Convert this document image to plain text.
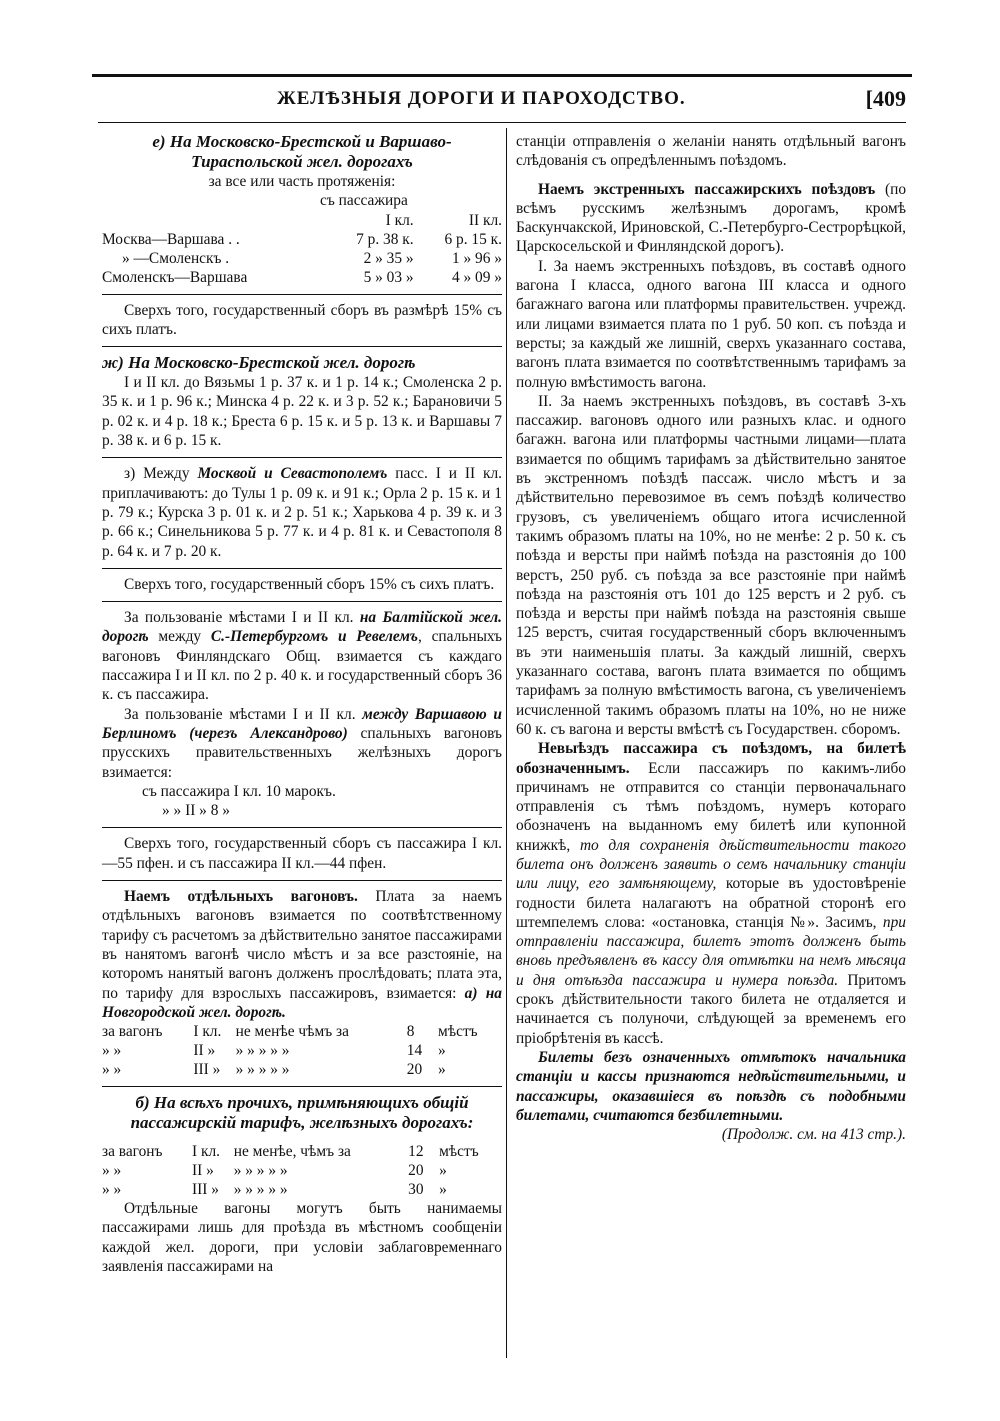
ЖЕЛѢЗНЫЯ ДОРОГИ И ПАРОХОДСТВО.	[409

е) На Московско-Брестской и Варшаво-Тираспольской жел. дорогахъ

за все или часть протяженія:

съ пассажира

	I кл.	II кл.
Москва—Варшава . .	7 р. 38 к.	6 р. 15 к.
» —Смоленскъ .	2 » 35 »	1 » 96 »
Смоленскъ—Варшава	5 » 03 »	4 » 09 »

Сверхъ того, государственный сборъ въ размѣрѣ 15% съ сихъ платъ.

ж) На Московско-Брестской жел. дорогѣ

I и II кл. до Вязьмы 1 р. 37 к. и 1 р. 14 к.; Смоленска 2 р. 35 к. и 1 р. 96 к.; Минска 4 р. 22 к. и 3 р. 52 к.; Барановичи 5 р. 02 к. и 4 р. 18 к.; Бреста 6 р. 15 к. и 5 р. 13 к. и Варшавы 7 р. 38 к. и 6 р. 15 к.

з) Между Москвой и Севастополемъ пасс. I и II кл. приплачиваютъ: до Тулы 1 р. 09 к. и 91 к.; Орла 2 р. 15 к. и 1 р. 79 к.; Курска 3 р. 01 к. и 2 р. 51 к.; Харькова 4 р. 39 к. и 3 р. 66 к.; Синельникова 5 р. 77 к. и 4 р. 81 к. и Севастополя 8 р. 64 к. и 7 р. 20 к.

Сверхъ того, государственный сборъ 15% съ сихъ платъ.

За пользованіе мѣстами I и II кл. на Балтійской жел. дорогѣ между С.-Петербургомъ и Ревелемъ, спальныхъ вагоновъ Финляндскаго Общ. взимается съ каждаго пассажира I и II кл. по 2 р. 40 к. и государственный сборъ 36 к. съ пассажира.

За пользованіе мѣстами I и II кл. между Варшавою и Берлиномъ (черезъ Александрово) спальныхъ вагоновъ прусскихъ правительственныхъ желѣзныхъ дорогъ взимается:

съ пассажира I кл. 10 марокъ.

» » II » 8 »

Сверхъ того, государственный сборъ съ пассажира I кл.—55 пфен. и съ пассажира II кл.—44 пфен.

Наемъ отдѣльныхъ вагоновъ. Плата за наемъ отдѣльныхъ вагоновъ взимается по соотвѣтственному тарифу съ расчетомъ за дѣйствительно занятое пассажирами въ нанятомъ вагонѣ число мѣстъ и за все разстояніе, на которомъ нанятый вагонъ долженъ прослѣдовать; плата эта, по тарифу для взрослыхъ пассажировъ, взимается: а) на Новгородской жел. дорогѣ.

за вагонъ	I кл.	не менѣе чѣмъ за	8	мѣстъ
» »	II »	» » » » »	14	»
» »	III »	» » » » »	20	»

б) На всѣхъ прочихъ, примѣняющихъ общій пассажирскій тарифъ, желѣзныхъ дорогахъ:

за вагонъ	I кл.	не менѣе, чѣмъ за	12	мѣстъ
» »	II »	» » » » »	20	»
» »	III »	» » » » »	30	»

Отдѣльные вагоны могутъ быть нанимаемы пассажирами лишь для проѣзда въ мѣстномъ сообщеніи каждой жел. дороги, при условіи заблаговременнаго заявленія пассажирами на

станціи отправленія о желаніи нанять отдѣльный вагонъ слѣдованія съ опредѣленнымъ поѣздомъ.

Наемъ экстренныхъ пассажирскихъ поѣздовъ (по всѣмъ русскимъ желѣзнымъ дорогамъ, кромѣ Баскунчакской, Ириновской, С.-Петербурго-Сестрорѣцкой, Царскосельской и Финляндской дорогъ).

I. За наемъ экстренныхъ поѣздовъ, въ составѣ одного вагона I класса, одного вагона III класса и одного багажнаго вагона или платформы правительствен. учрежд. или лицами взимается плата по 1 руб. 50 коп. съ поѣзда и версты; за каждый же лишній, сверхъ указаннаго состава, вагонъ плата взимается по соотвѣтственнымъ тарифамъ за полную вмѣстимость вагона.

II. За наемъ экстренныхъ поѣздовъ, въ составѣ 3-хъ пассажир. вагоновъ одного или разныхъ клас. и одного багажн. вагона или платформы частными лицами—плата взимается по общимъ тарифамъ за дѣйствительно занятое въ экстренномъ поѣздѣ пассаж. число мѣстъ и за дѣйствительно перевозимое въ семъ поѣздѣ количество грузовъ, съ увеличеніемъ общаго итога исчисленной такимъ образомъ платы на 10%, но не менѣе: 2 р. 50 к. съ поѣзда и версты при наймѣ поѣзда на разстоянія до 100 верстъ, 250 руб. съ поѣзда за все разстояніе при наймѣ поѣзда на разстоянія отъ 101 до 125 верстъ и 2 руб. съ поѣзда и версты при наймѣ поѣзда на разстоянія свыше 125 верстъ, считая государственный сборъ включеннымъ въ эти наименьшія платы. За каждый лишній, сверхъ указаннаго состава, вагонъ плата взимается по общимъ тарифамъ за полную вмѣстимость вагона, съ увеличеніемъ исчисленной такимъ образомъ платы на 10%, но не ниже 60 к. съ вагона и версты вмѣстѣ съ Государствен. сборомъ.

Невыѣздъ пассажира съ поѣздомъ, на билетѣ обозначеннымъ. Если пассажиръ по какимъ-либо причинамъ не отправится со станціи первоначальнаго отправленія съ тѣмъ поѣздомъ, нумеръ котораго обозначенъ на выданномъ ему билетѣ или купонной книжкѣ, то для сохраненія дѣйствительности такого билета онъ долженъ заявить о семъ начальнику станціи или лицу, его замѣняющему, которые въ удостовѣреніе годности билета налагаютъ на обратной сторонѣ его штемпелемъ слова: «остановка, станція №». Засимъ, при отправленіи пассажира, билетъ этотъ долженъ быть вновь предъявленъ въ кассу для отмѣтки на немъ мѣсяца и дня отъѣзда пассажира и нумера поѣзда. Притомъ срокъ дѣйствительности такого билета не отдаляется и начинается съ полуночи, слѣдующей за временемъ его пріобрѣтенія въ кассѣ.

Билеты безъ означенныхъ отмѣтокъ начальника станціи и кассы признаются недѣйствительными, и пассажиры, оказавшіеся въ поѣздѣ съ подобными билетами, считаются безбилетными.

(Продолж. см. на 413 стр.).
